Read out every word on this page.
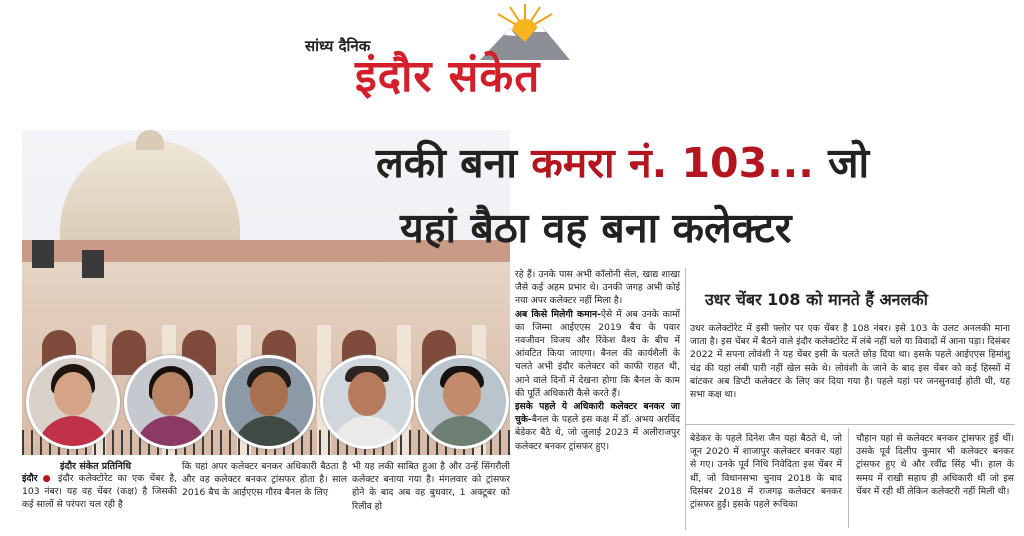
सांध्य दैनिक
इंदौर संकेत
लकी बना कमरा नं. 103... जो
यहां बैठा वह बना कलेक्टर
इंदौर संकेत प्रतिनिधि
इंदौर ● इंदौर कलेक्टोरेट का एक चेंबर है, 103 नंबर। यह वह चेंबर (कक्ष) है जिसकी कई सालों से परंपरा चल रही है
कि यहां अपर कलेक्टर बनकर अधिकारी बैठता है और वह कलेक्टर बनकर ट्रांसफर होता है। साल 2016 बैच के आईएएस गौरव बैनल के लिए
भी यह लकी साबित हुआ है और उन्हें सिंगरौली कलेक्टर बनाया गया है। मंगलवार को ट्रांसफर होने के बाद अब वह बुधवार, 1 अक्टूबर को रिलीव हो
रहे हैं। उनके पास अभी कॉलोनी सेल, खाद्य शाखा जैसे कई अहम प्रभार थे। उनकी जगह अभी कोई नया अपर कलेक्टर नहीं मिला है।
अब किसे मिलेगी कमान-ऐसे में अब उनके कामों का जिम्मा आईएएस 2019 बैच के पवार नवजीवन विजय और रिंकेश वैश्य के बीच में आंवटित किया जाएगा। बैनल की कार्यशैली के चलते अभी इंदौर कलेक्टर को काफी राहत थी, आने वाले दिनों में देखना होगा कि बैनल के काम की पूर्ति अधिकारी कैसे करते हैं।
इसके पहले ये अधिकारी कलेक्टर बनकर जा चुके-बैनल के पहले इस कक्ष में डॉ. अभय अरविंद बेडेकर बैठे थे, जो जुलाई 2023 में अलीराजपुर कलेक्टर बनकर ट्रांसफर हुए।
उधर चेंबर 108 को मानते हैं अनलकी
उधर कलेक्टोरेट में इसी फ्लोर पर एक चेंबर है 108 नंबर। इसे 103 के उलट अनलकी माना जाता है। इस चेंबर में बैठने वाले इंदौर कलेक्टोरेट में लंबे नहीं चले या विवादों में आना पड़ा। दिसंबर 2022 में सपना लोवंशी ने यह चेंबर इसी के चलते छोड़ दिया था। इसके पहले आईएएस हिमांशु चंद्र की यहां लंबी पारी नहीं खेल सके थे। लोवंशी के जाने के बाद इस चेंबर को कई हिस्सों में बांटकर अब डिप्टी कलेक्टर के लिए कर दिया गया है। पहले यहां पर जनसुनवाई होती थी, यह सभा कक्ष था।
बेडेकर के पहले दिनेश जैन यहां बैठते थे, जो जून 2020 में शाजापुर कलेक्टर बनकर यहां से गए। उनके पूर्व निधि निवेदिता इस चेंबर में थीं, जो विधानसभा चुनाव 2018 के बाद दिसंबर 2018 में राजगढ़ कलेक्टर बनकर ट्रांसफर हुईं। इसके पहले रूचिका
चौहान यहां से कलेक्टर बनकर ट्रांसफर हुई थीं। उसके पूर्व दिलीप कुमार भी कलेक्टर बनकर ट्रांसफर हुए थे और रवींद्र सिंह भी। हाल के समय में राखी सहाय ही अधिकारी थीं जो इस चेंबर में रही थीं लेकिन कलेक्टरी नहीं मिली थी।
